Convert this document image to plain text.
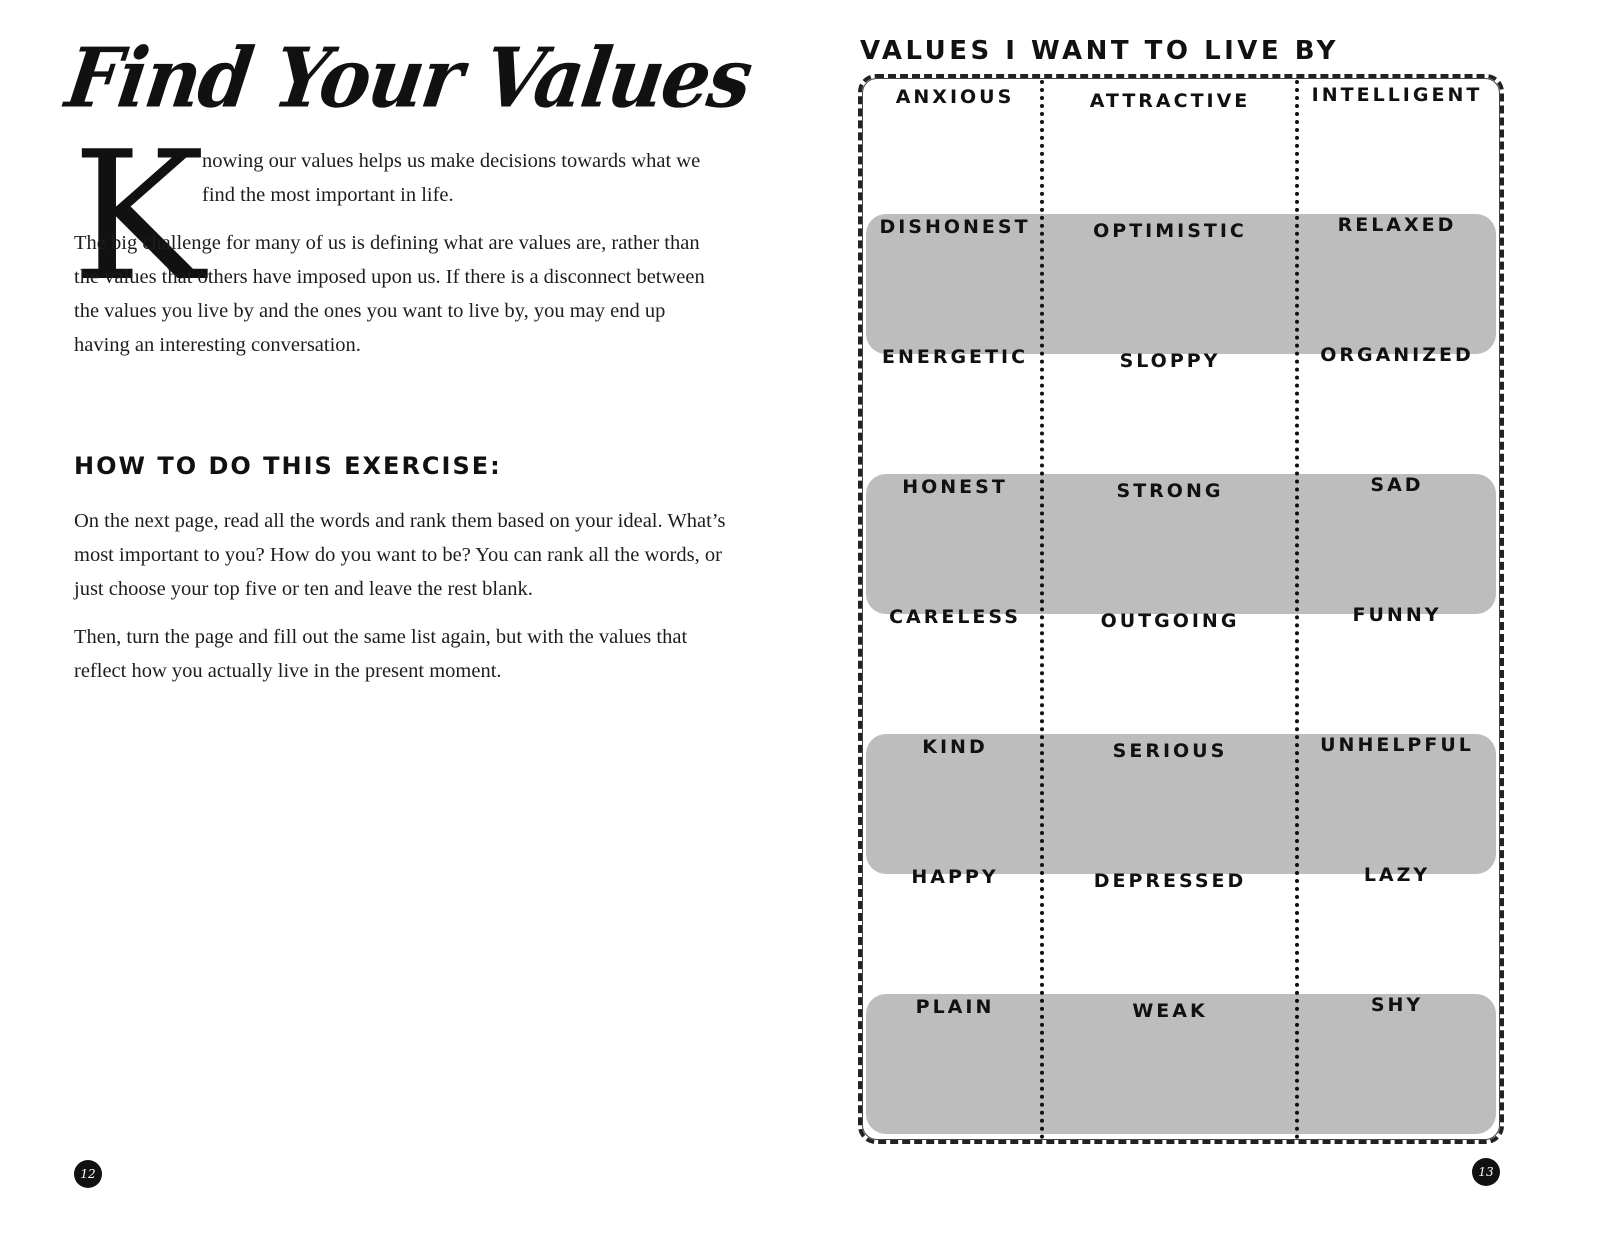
Find Your Values
K

nowing our values helps us make decisions towards what we find the most important in life.

The big challenge for many of us is defining what are values are, rather than the values that others have imposed upon us. If there is a disconnect between the values you live by and the ones you want to live by, you may end up having an interesting conversation.

HOW TO DO THIS EXERCISE:

On the next page, read all the words and rank them based on your ideal. What’s most important to you? How do you want to be? You can rank all the words, or just choose your top five or ten and leave the rest blank.

Then, turn the page and fill out the same list again, but with the values that reflect how you actually live in the present moment.

12
VALUES I WANT TO LIVE BY
ANXIOUS	ATTRACTIVE	INTELLIGENT
DISHONEST	OPTIMISTIC	RELAXED
ENERGETIC	SLOPPY	ORGANIZED
HONEST	STRONG	SAD
CARELESS	OUTGOING	FUNNY
KIND	SERIOUS	UNHELPFUL
HAPPY	DEPRESSED	LAZY
PLAIN	WEAK	SHY
13
